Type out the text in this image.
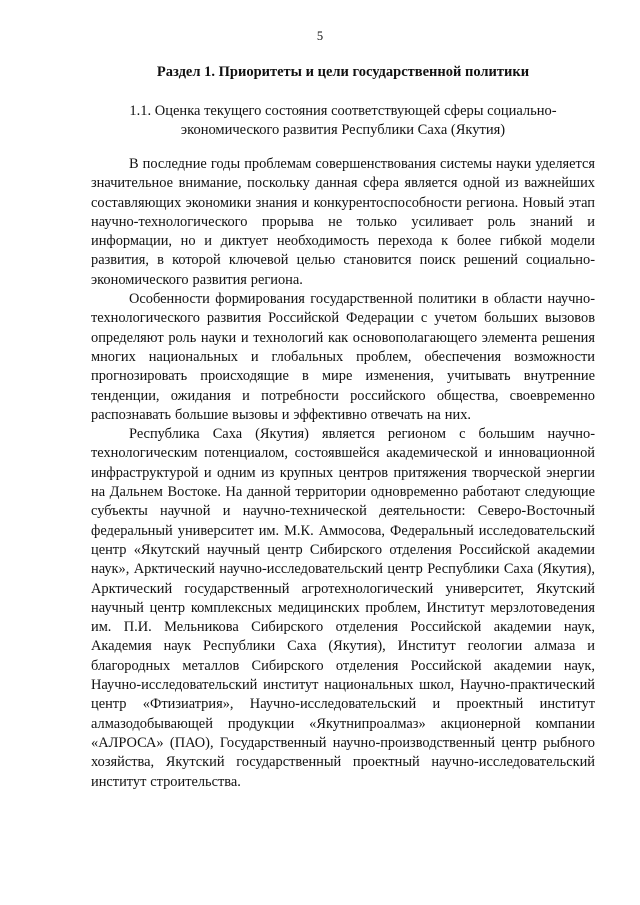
5
Раздел 1. Приоритеты и цели государственной политики
1.1. Оценка текущего состояния соответствующей сферы социально-экономического развития Республики Саха (Якутия)

В последние годы проблемам совершенствования системы науки уделяется значительное внимание, поскольку данная сфера является одной из важнейших составляющих экономики знания и конкурентоспособности региона. Новый этап научно-технологического прорыва не только усиливает роль знаний и информации, но и диктует необходимость перехода к более гибкой модели развития, в которой ключевой целью становится поиск решений социально-экономического развития региона.

Особенности формирования государственной политики в области научно-технологического развития Российской Федерации с учетом больших вызовов определяют роль науки и технологий как основополагающего элемента решения многих национальных и глобальных проблем, обеспечения возможности прогнозировать происходящие в мире изменения, учитывать внутренние тенденции, ожидания и потребности российского общества, своевременно распознавать большие вызовы и эффективно отвечать на них.

Республика Саха (Якутия) является регионом с большим научно-технологическим потенциалом, состоявшейся академической и инновационной инфраструктурой и одним из крупных центров притяжения творческой энергии на Дальнем Востоке. На данной территории одновременно работают следующие субъекты научной и научно-технической деятельности: Северо-Восточный федеральный университет им. М.К. Аммосова, Федеральный исследовательский центр «Якутский научный центр Сибирского отделения Российской академии наук», Арктический научно-исследовательский центр Республики Саха (Якутия), Арктический государственный агротехнологический университет, Якутский научный центр комплексных медицинских проблем, Институт мерзлотоведения им. П.И. Мельникова Сибирского отделения Российской академии наук, Академия наук Республики Саха (Якутия), Институт геологии алмаза и благородных металлов Сибирского отделения Российской академии наук, Научно-исследовательский институт национальных школ, Научно-практический центр «Фтизиатрия», Научно-исследовательский и проектный институт алмазодобывающей продукции «Якутнипроалмаз» акционерной компании «АЛРОСА» (ПАО), Государственный научно-производственный центр рыбного хозяйства, Якутский государственный проектный научно-исследовательский институт строительства.
